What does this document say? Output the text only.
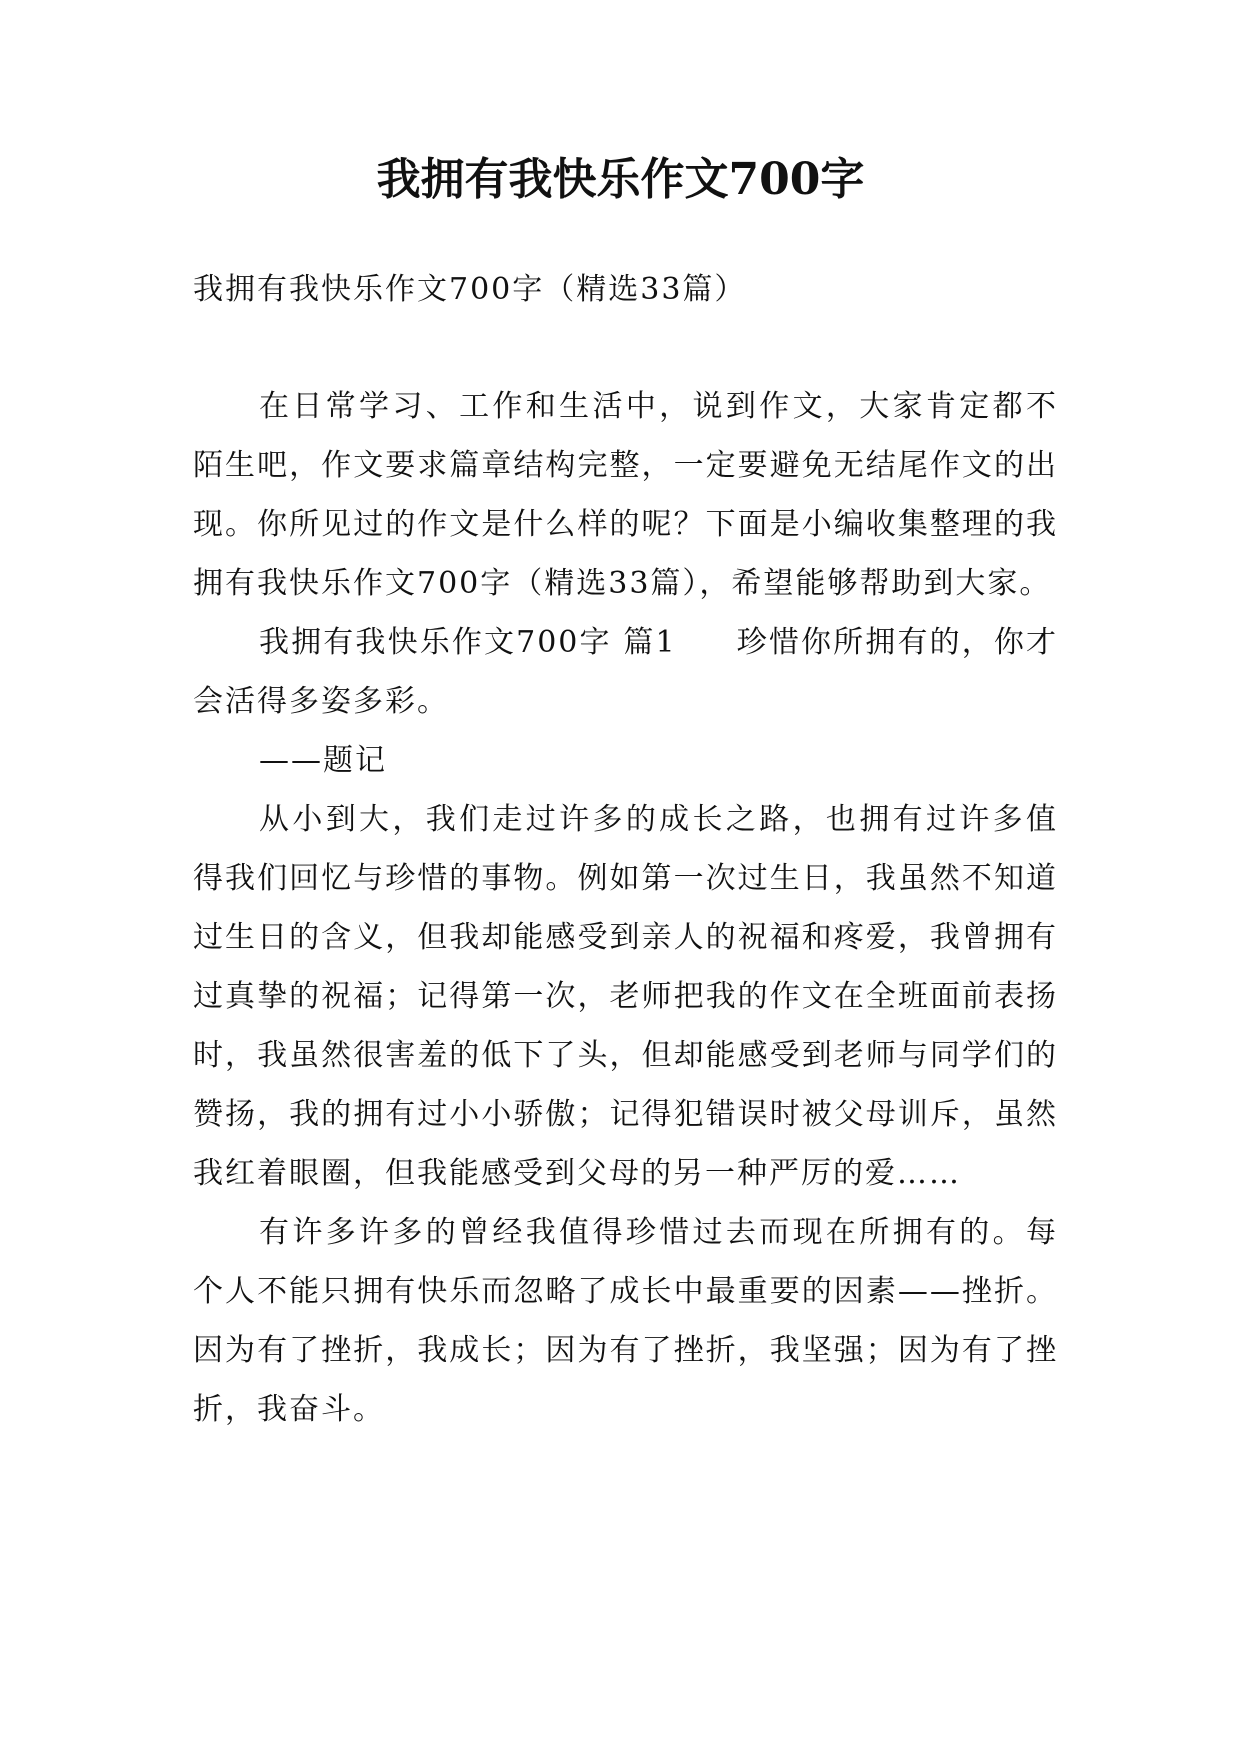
我拥有我快乐作文700字

我拥有我快乐作文700字（精选33篇）

在日常学习、工作和生活中，说到作文，大家肯定都不陌生吧，作文要求篇章结构完整，一定要避免无结尾作文的出现。你所见过的作文是什么样的呢？下面是小编收集整理的我拥有我快乐作文700字（精选33篇），希望能够帮助到大家。

我拥有我快乐作文700字 篇1 珍惜你所拥有的，你才会活得多姿多彩。

——题记

从小到大，我们走过许多的成长之路，也拥有过许多值得我们回忆与珍惜的事物。例如第一次过生日，我虽然不知道过生日的含义，但我却能感受到亲人的祝福和疼爱，我曾拥有过真挚的祝福；记得第一次，老师把我的作文在全班面前表扬时，我虽然很害羞的低下了头，但却能感受到老师与同学们的赞扬，我的拥有过小小骄傲；记得犯错误时被父母训斥，虽然我红着眼圈，但我能感受到父母的另一种严厉的爱……

有许多许多的曾经我值得珍惜过去而现在所拥有的。每个人不能只拥有快乐而忽略了成长中最重要的因素——挫折。因为有了挫折，我成长；因为有了挫折，我坚强；因为有了挫折，我奋斗。
